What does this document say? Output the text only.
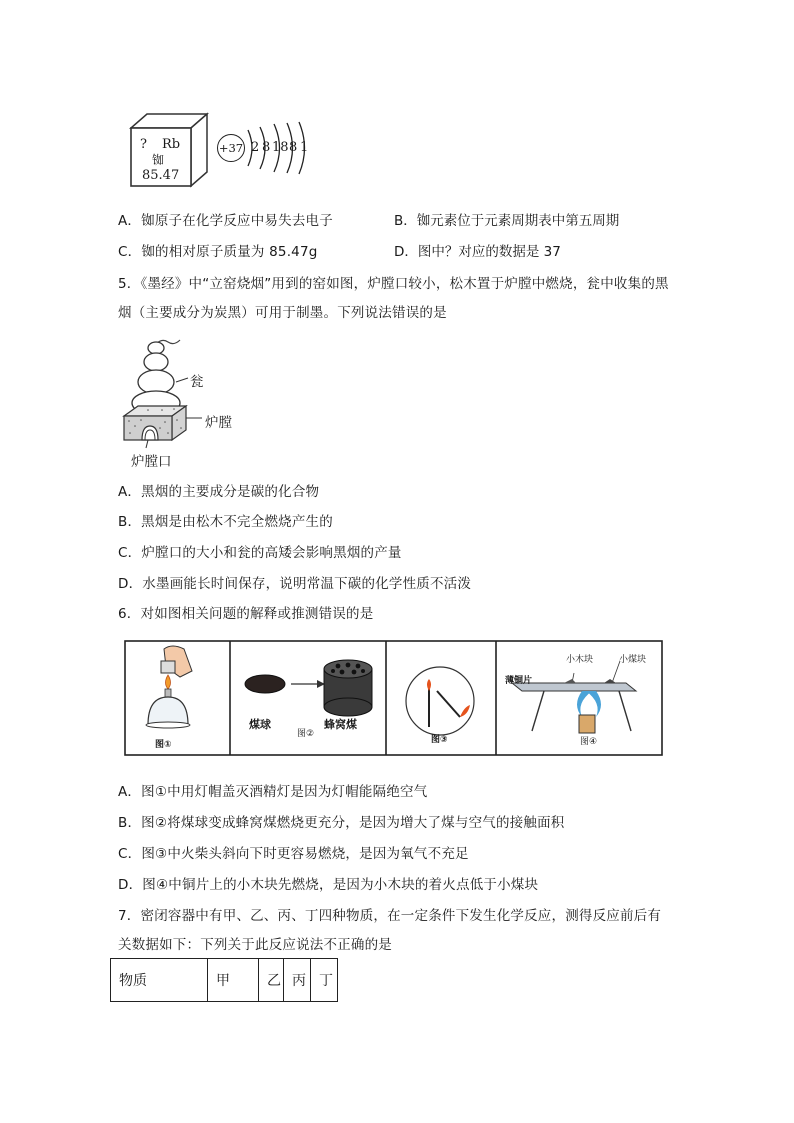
? Rb
铷
85.47
+37 2 8 18 8 1
A．铷原子在化学反应中易失去电子	B．铷元素位于元素周期表中第五周期
C．铷的相对原子质量为 85.47g	D．图中？对应的数据是 37
5．《墨经》中“立窑烧烟”用到的窑如图，炉膛口较小，松木置于炉膛中燃烧，瓮中收集的黑
烟（主要成分为炭黑）可用于制墨。下列说法错误的是
瓮
炉膛
炉膛口
A．黑烟的主要成分是碳的化合物
B．黑烟是由松木不完全燃烧产生的
C．炉膛口的大小和瓮的高矮会影响黑烟的产量
D．水墨画能长时间保存，说明常温下碳的化学性质不活泼
6．对如图相关问题的解释或推测错误的是
图①
煤球	蜂窝煤
图②
图③
薄铜片
小木块	小煤块
图④
A．图①中用灯帽盖灭酒精灯是因为灯帽能隔绝空气
B．图②将煤球变成蜂窝煤燃烧更充分，是因为增大了煤与空气的接触面积
C．图③中火柴头斜向下时更容易燃烧，是因为氧气不充足
D．图④中铜片上的小木块先燃烧，是因为小木块的着火点低于小煤块
7．密闭容器中有甲、乙、丙、丁四种物质，在一定条件下发生化学反应，测得反应前后有
关数据如下：下列关于此反应说法不正确的是
物质	甲	乙	丙	丁
